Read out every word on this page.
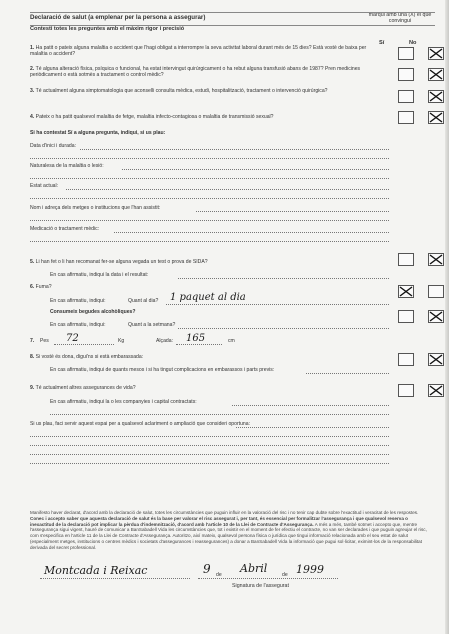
Declaració de salut (a emplenar per la persona a assegurar)
Contesti totes les preguntes amb el màxim rigor i precisió
marqui amb una (X) el que convingui
Sí	No
1. Ha patit o pateix alguna malaltia o accident que l'hagi obligat a interrompre la seva activitat laboral durant més de 15 dies? Està vostè de baixa per malaltia o accident?
2. Té alguna alteració física, psíquica o funcional, ha estat intervingut quirúrgicament o ha rebut alguna transfusió abans de 1987? Pren medicines periòdicament o està sotmès a tractament o control mèdic?
3. Té actualment alguna simptomatologia que aconselli consulta mèdica, estudi, hospitalització, tractament o intervenció quirúrgica?
4. Pateix o ha patit qualsevol malaltia de fetge, malaltia infecto-contagiosa o malaltia de transmissió sexual?
Si ha contestat Sí a alguna pregunta, indiqui, si us plau:
Data d'inici i durada:
Naturalesa de la malaltia o lesió:
Estat actual:
Nom i adreça dels metges o institucions que l'han assistit:
Medicació o tractament mèdic:
5. Li han fet o li han recomanat fer-se alguna vegada un test o prova de SIDA?
En cas afirmatiu, indiqui la data i el resultat:
6. Fuma?
En cas afirmatiu, indiqui:	Quant al dia? 1 paquet al dia
Consumeix begudes alcohòliques?
En cas afirmatiu, indiqui:	Quant a la setmana?
7.	Pes 72	Kg	Alçada: 165	cm
8. Si vostè és dona, digui'ns si està embarassada:
En cas afirmatiu, indiqui de quants mesos i si ha tingut complicacions en embarassos i parts previs:
9. Té actualment altres assegurances de vida?
En cas afirmatiu, indiqui la o les companyies i capital contractats:
Si us plau, faci servir aquest espai per a qualsevol aclariment o ampliació que consideri oportuna:
Manifesto haver declarat, d'acord amb la declaració de salut, totes les circumstàncies que puguin influir en la valoració del risc i no tenir cap dubte sobre l'exactitud i veracitat de les respostes. Conec i accepto saber que aquesta declaració de salut és la base per valorar el risc assegurat i, per tant, és essencial per formalitzar l'assegurança i que qualsevol reserva o inexactitud de la declaració pot implicar la pèrdua d'indemnització, d'acord amb l'article 10 de la Llei de Contracte d'Assegurança. A més a més, també sotmet i accepto que, mentre l'assegurança sigui vigent, hauré de comunicar a BanSabadell Vida les circumstàncies que, tot i existir en el moment de fer efectiu el contracte, no van ser declarades i que puguin agreujar el risc, com s'especifica en l'article 11 de la Llei de Contracte d'Assegurança. Autoritzo, així mateix, qualsevol persona física o jurídica que tingui informació relacionada amb el seu estat de salut (especialment metges, institucions o centres mèdics i societats d'assegurances i reassegurances) a donar a BanSabadell Vida la informació que pugui sol·licitar, eximint-los de la responsabilitat derivada del secret professional.
Montcada i Reixac	9 de Abril	de 1999
Signatura de l'assegurat
